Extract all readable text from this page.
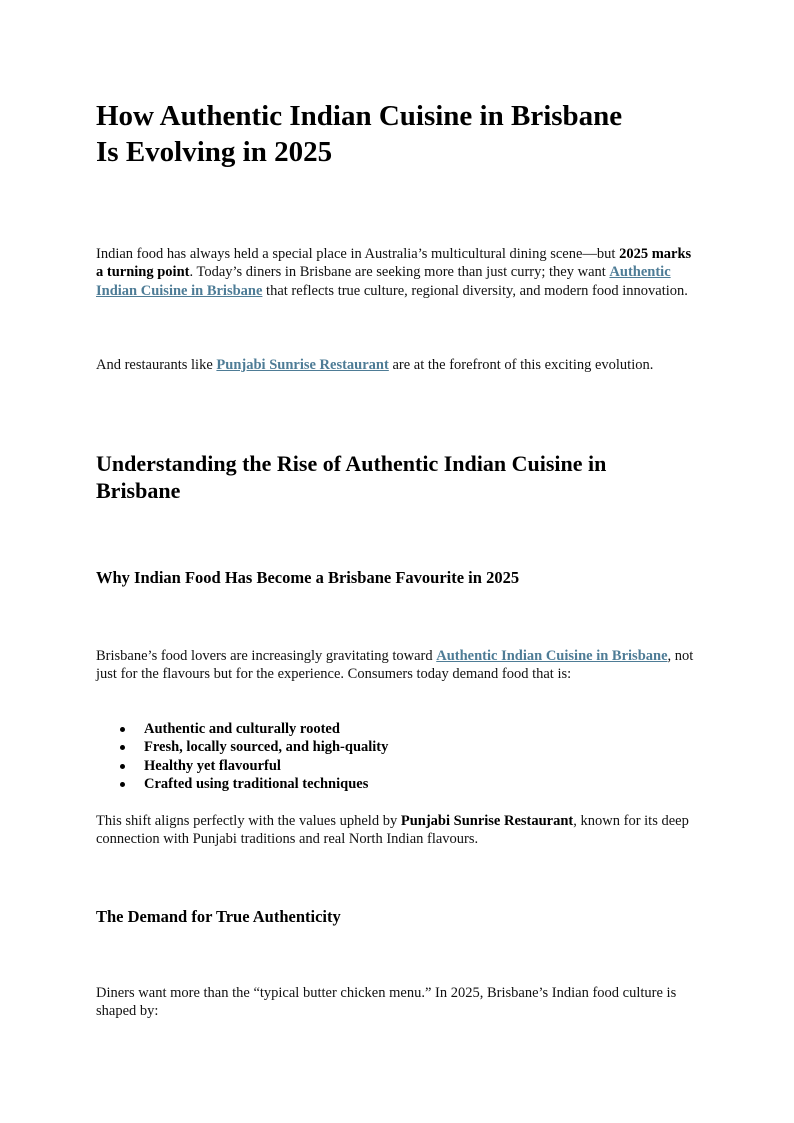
How Authentic Indian Cuisine in Brisbane
Is Evolving in 2025

Indian food has always held a special place in Australia’s multicultural dining scene—but 2025 marks a turning point. Today’s diners in Brisbane are seeking more than just curry; they want Authentic Indian Cuisine in Brisbane that reflects true culture, regional diversity, and modern food innovation.

And restaurants like Punjabi Sunrise Restaurant are at the forefront of this exciting evolution.

Understanding the Rise of Authentic Indian Cuisine in
Brisbane
Why Indian Food Has Become a Brisbane Favourite in 2025

Brisbane’s food lovers are increasingly gravitating toward Authentic Indian Cuisine in Brisbane, not just for the flavours but for the experience. Consumers today demand food that is:

Authentic and culturally rooted
Fresh, locally sourced, and high-quality
Healthy yet flavourful
Crafted using traditional techniques

This shift aligns perfectly with the values upheld by Punjabi Sunrise Restaurant, known for its deep connection with Punjabi traditions and real North Indian flavours.

The Demand for True Authenticity

Diners want more than the “typical butter chicken menu.” In 2025, Brisbane’s Indian food culture is shaped by:
